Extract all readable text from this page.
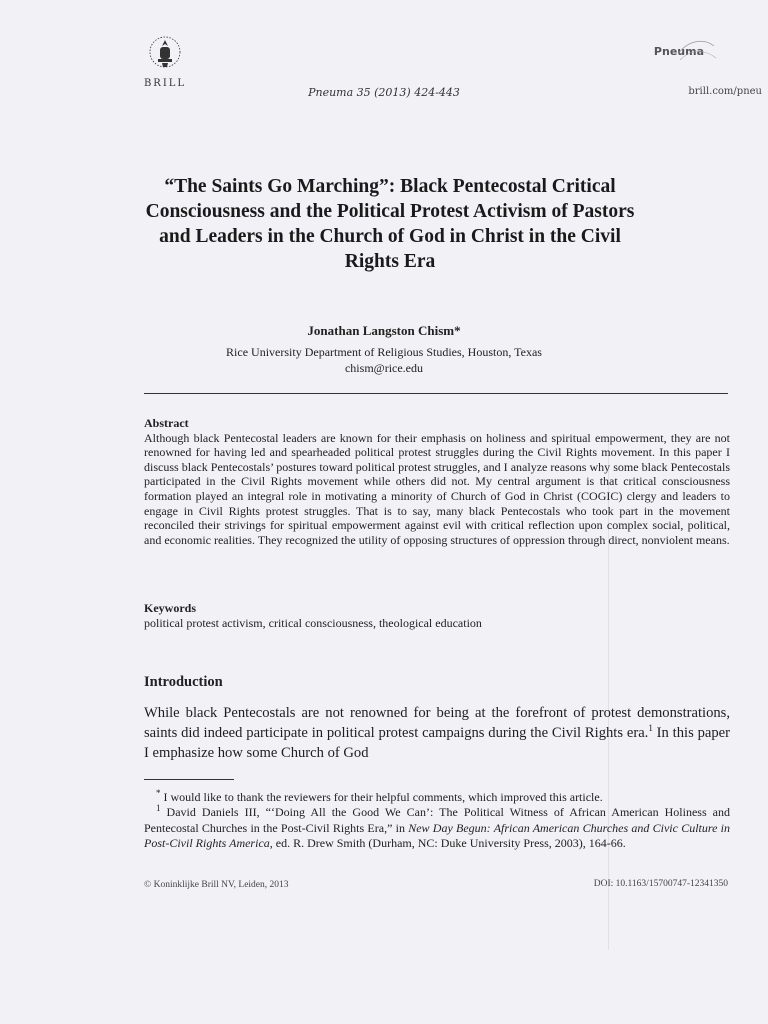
BRILL
Pneuma 35 (2013) 424-443
Pneuma
brill.com/pneu
“The Saints Go Marching”: Black Pentecostal Critical Consciousness and the Political Protest Activism of Pastors and Leaders in the Church of God in Christ in the Civil Rights Era
Jonathan Langston Chism*
Rice University Department of Religious Studies, Houston, Texas
chism@rice.edu
Abstract

Although black Pentecostal leaders are known for their emphasis on holiness and spiritual empowerment, they are not renowned for having led and spearheaded political protest struggles during the Civil Rights movement. In this paper I discuss black Pentecostals’ postures toward political protest struggles, and I analyze reasons why some black Pentecostals participated in the Civil Rights movement while others did not. My central argument is that critical consciousness formation played an integral role in motivating a minority of Church of God in Christ (COGIC) clergy and leaders to engage in Civil Rights protest struggles. That is to say, many black Pentecostals who took part in the movement reconciled their strivings for spiritual empowerment against evil with critical reflection upon complex social, political, and economic realities. They recognized the utility of opposing structures of oppression through direct, nonviolent means.

Keywords

political protest activism, critical consciousness, theological education

Introduction

While black Pentecostals are not renowned for being at the forefront of protest demonstrations, saints did indeed participate in political protest campaigns during the Civil Rights era.$^1$ In this paper I emphasize how some Church of God

* I would like to thank the reviewers for their helpful comments, which improved this article.

$^1$ David Daniels III, “‘Doing All the Good We Can’: The Political Witness of African American Holiness and Pentecostal Churches in the Post-Civil Rights Era,” in New Day Begun: African American Churches and Civic Culture in Post-Civil Rights America, ed. R. Drew Smith (Durham, NC: Duke University Press, 2003), 164-66.

© Koninklijke Brill NV, Leiden, 2013	DOI: 10.1163/15700747-12341350
